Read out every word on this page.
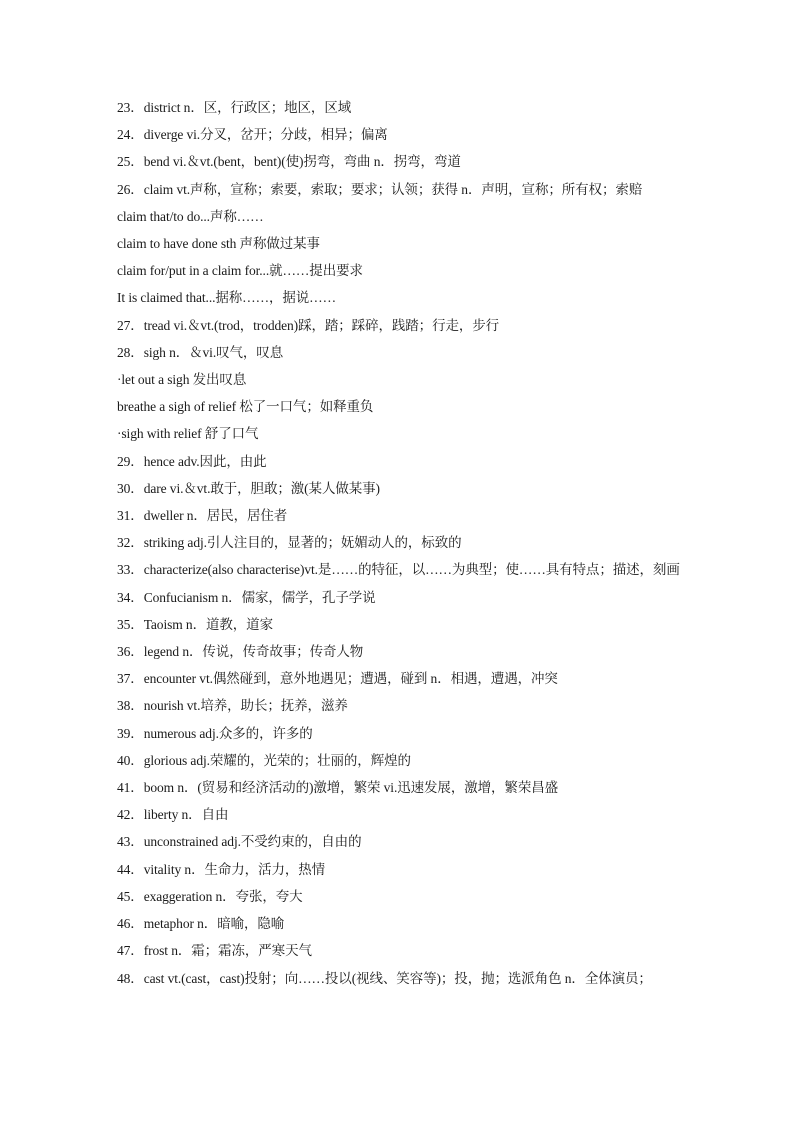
23．district n．区，行政区；地区，区域
24．diverge vi.分叉，岔开；分歧，相异；偏离
25．bend vi.＆vt.(bent，bent)(使)拐弯，弯曲 n．拐弯，弯道
26．claim vt.声称，宣称；索要，索取；要求；认领；获得 n．声明，宣称；所有权；索赔
claim that/to do...声称……
claim to have done sth 声称做过某事
claim for/put in a claim for...就……提出要求
It is claimed that...据称……，据说……
27．tread vi.＆vt.(trod，trodden)踩，踏；踩碎，践踏；行走，步行
28．sigh n．＆vi.叹气，叹息
·let out a sigh 发出叹息
breathe a sigh of relief 松了一口气；如释重负
·sigh with relief 舒了口气
29．hence adv.因此，由此
30．dare vi.＆vt.敢于，胆敢；激(某人做某事)
31．dweller n．居民，居住者
32．striking adj.引人注目的，显著的；妩媚动人的，标致的
33．characterize(also characterise)vt.是……的特征，以……为典型；使……具有特点；描述，刻画
34．Confucianism n．儒家，儒学，孔子学说
35．Taoism n．道教，道家
36．legend n．传说，传奇故事；传奇人物
37．encounter vt.偶然碰到，意外地遇见；遭遇，碰到 n．相遇，遭遇，冲突
38．nourish vt.培养，助长；抚养，滋养
39．numerous adj.众多的，许多的
40．glorious adj.荣耀的，光荣的；壮丽的，辉煌的
41．boom n．(贸易和经济活动的)激增，繁荣 vi.迅速发展，激增，繁荣昌盛
42．liberty n．自由
43．unconstrained adj.不受约束的，自由的
44．vitality n．生命力，活力，热情
45．exaggeration n．夸张，夸大
46．metaphor n．暗喻，隐喻
47．frost n．霜；霜冻，严寒天气
48．cast vt.(cast，cast)投射；向……投以(视线、笑容等)；投，抛；选派角色 n．全体演员；
